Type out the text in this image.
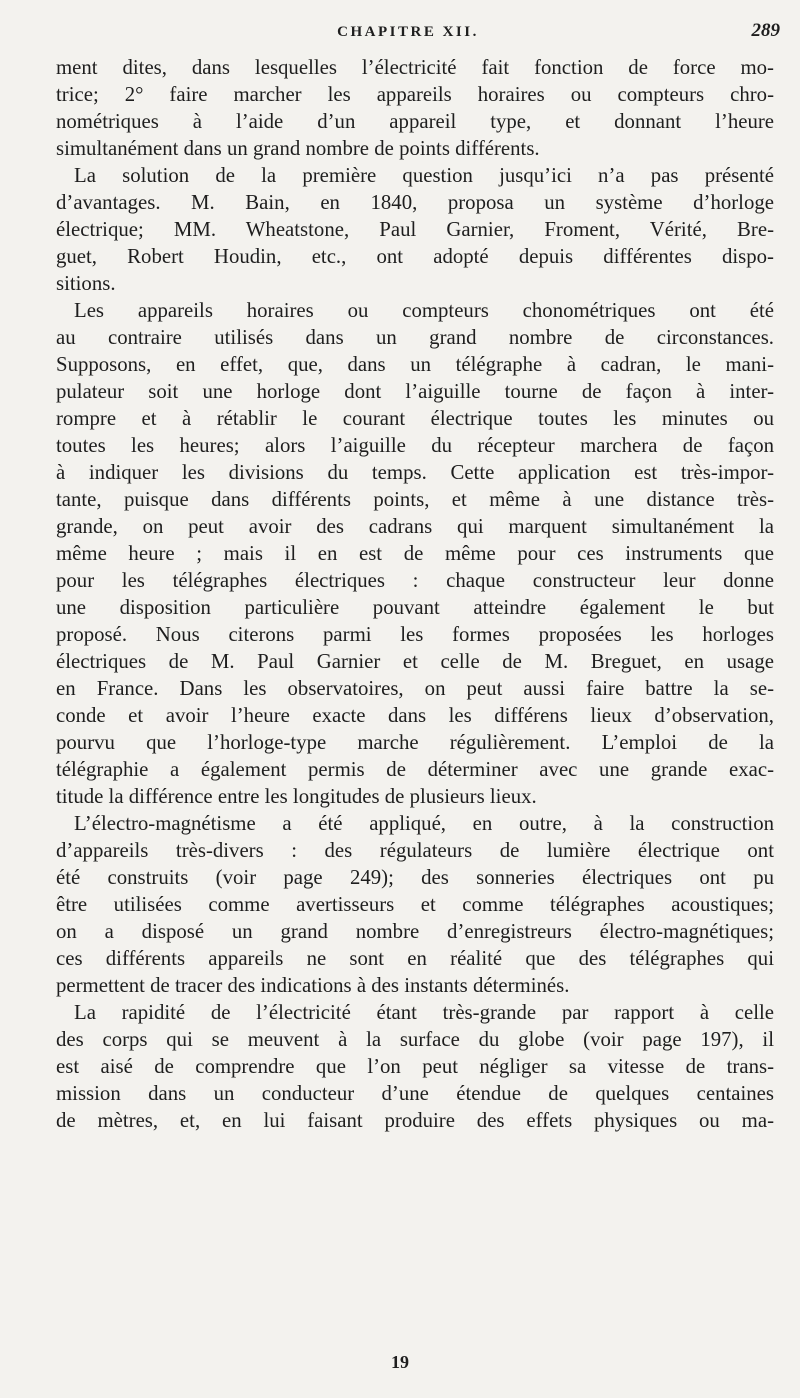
CHAPITRE XII.	289
ment dites, dans lesquelles l’électricité fait fonction de force mo-
trice; 2° faire marcher les appareils horaires ou compteurs chro-
nométriques à l’aide d’un appareil type, et donnant l’heure
simultanément dans un grand nombre de points différents.
La solution de la première question jusqu’ici n’a pas présenté
d’avantages. M. Bain, en 1840, proposa un système d’horloge
électrique; MM. Wheatstone, Paul Garnier, Froment, Vérité, Bre-
guet, Robert Houdin, etc., ont adopté depuis différentes dispo-
sitions.
Les appareils horaires ou compteurs chonométriques ont été
au contraire utilisés dans un grand nombre de circonstances.
Supposons, en effet, que, dans un télégraphe à cadran, le mani-
pulateur soit une horloge dont l’aiguille tourne de façon à inter-
rompre et à rétablir le courant électrique toutes les minutes ou
toutes les heures; alors l’aiguille du récepteur marchera de façon
à indiquer les divisions du temps. Cette application est très-impor-
tante, puisque dans différents points, et même à une distance très-
grande, on peut avoir des cadrans qui marquent simultanément la
même heure ; mais il en est de même pour ces instruments que
pour les télégraphes électriques : chaque constructeur leur donne
une disposition particulière pouvant atteindre également le but
proposé. Nous citerons parmi les formes proposées les horloges
électriques de M. Paul Garnier et celle de M. Breguet, en usage
en France. Dans les observatoires, on peut aussi faire battre la se-
conde et avoir l’heure exacte dans les différens lieux d’observation,
pourvu que l’horloge-type marche régulièrement. L’emploi de la
télégraphie a également permis de déterminer avec une grande exac-
titude la différence entre les longitudes de plusieurs lieux.
L’électro-magnétisme a été appliqué, en outre, à la construction
d’appareils très-divers : des régulateurs de lumière électrique ont
été construits (voir page 249); des sonneries électriques ont pu
être utilisées comme avertisseurs et comme télégraphes acoustiques;
on a disposé un grand nombre d’enregistreurs électro-magnétiques;
ces différents appareils ne sont en réalité que des télégraphes qui
permettent de tracer des indications à des instants déterminés.
La rapidité de l’électricité étant très-grande par rapport à celle
des corps qui se meuvent à la surface du globe (voir page 197), il
est aisé de comprendre que l’on peut négliger sa vitesse de trans-
mission dans un conducteur d’une étendue de quelques centaines
de mètres, et, en lui faisant produire des effets physiques ou ma-
19
